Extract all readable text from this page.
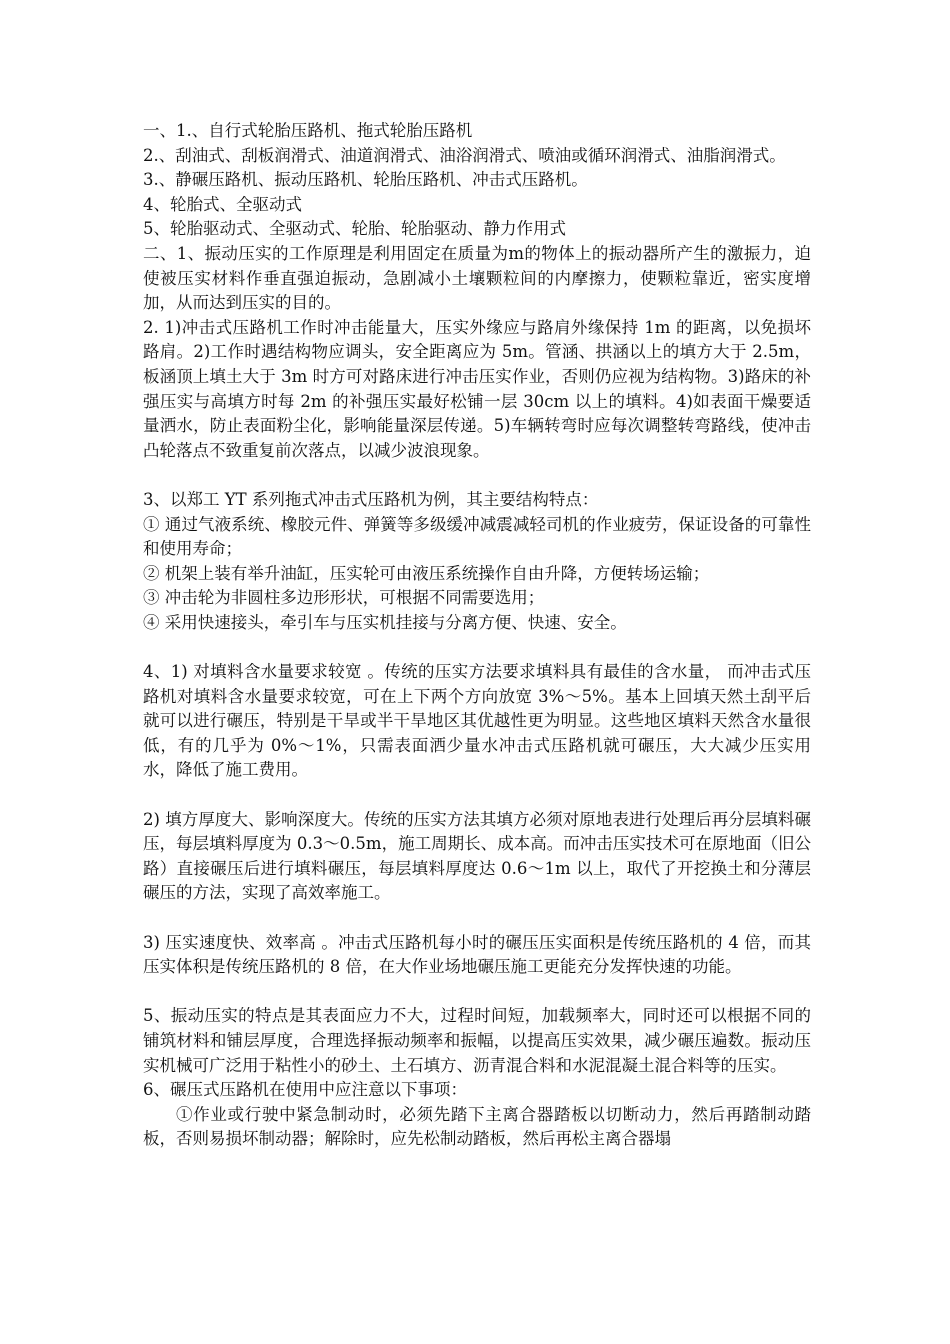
一、1.、自行式轮胎压路机、拖式轮胎压路机

2.、刮油式、刮板润滑式、油道润滑式、油浴润滑式、喷油或循环润滑式、油脂润滑式。

3.、静碾压路机、振动压路机、轮胎压路机、冲击式压路机。

4、轮胎式、全驱动式

5、轮胎驱动式、全驱动式、轮胎、轮胎驱动、静力作用式

二、1、振动压实的工作原理是利用固定在质量为m的物体上的振动器所产生的激振力，迫使被压实材料作垂直强迫振动，急剧减小土壤颗粒间的内摩擦力，使颗粒靠近，密实度增加，从而达到压实的目的。

2. 1)冲击式压路机工作时冲击能量大，压实外缘应与路肩外缘保持 1m 的距离，以免损坏路肩。2)工作时遇结构物应调头，安全距离应为 5m。管涵、拱涵以上的填方大于 2.5m，板涵顶上填土大于 3m 时方可对路床进行冲击压实作业，否则仍应视为结构物。3)路床的补强压实与高填方时每 2m 的补强压实最好松铺一层 30cm 以上的填料。4)如表面干燥要适量洒水，防止表面粉尘化，影响能量深层传递。5)车辆转弯时应每次调整转弯路线，使冲击凸轮落点不致重复前次落点，以减少波浪现象。

3、以郑工 YT 系列拖式冲击式压路机为例，其主要结构特点：

① 通过气液系统、橡胶元件、弹簧等多级缓冲减震减轻司机的作业疲劳，保证设备的可靠性和使用寿命；

② 机架上装有举升油缸，压实轮可由液压系统操作自由升降，方便转场运输；

③ 冲击轮为非圆柱多边形形状，可根据不同需要选用；

④ 采用快速接头，牵引车与压实机挂接与分离方便、快速、安全。

4、1) 对填料含水量要求较宽 。传统的压实方法要求填料具有最佳的含水量， 而冲击式压路机对填料含水量要求较宽，可在上下两个方向放宽 3%～5%。基本上回填天然土刮平后就可以进行碾压，特别是干旱或半干旱地区其优越性更为明显。这些地区填料天然含水量很低，有的几乎为 0%～1%，只需表面洒少量水冲击式压路机就可碾压，大大减少压实用水，降低了施工费用。

2) 填方厚度大、影响深度大。传统的压实方法其填方必须对原地表进行处理后再分层填料碾压，每层填料厚度为 0.3～0.5m，施工周期长、成本高。而冲击压实技术可在原地面（旧公路）直接碾压后进行填料碾压，每层填料厚度达 0.6～1m 以上，取代了开挖换土和分薄层碾压的方法，实现了高效率施工。

3) 压实速度快、效率高 。冲击式压路机每小时的碾压压实面积是传统压路机的 4 倍，而其压实体积是传统压路机的 8 倍，在大作业场地碾压施工更能充分发挥快速的功能。

5、振动压实的特点是其表面应力不大，过程时间短，加载频率大，同时还可以根据不同的铺筑材料和铺层厚度，合理选择振动频率和振幅，以提高压实效果，减少碾压遍数。振动压实机械可广泛用于粘性小的砂土、土石填方、沥青混合料和水泥混凝土混合料等的压实。

6、碾压式压路机在使用中应注意以下事项：

①作业或行驶中紧急制动时，必须先踏下主离合器踏板以切断动力，然后再踏制动踏板，否则易损坏制动器；解除时，应先松制动踏板，然后再松主离合器塌
